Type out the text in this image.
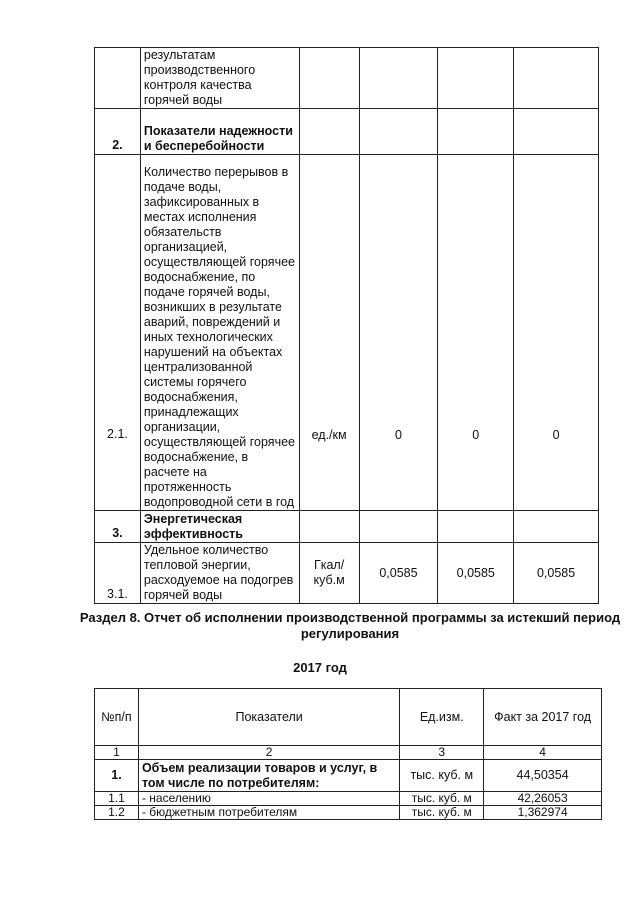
	результатам производственного контроля качества горячей воды				
2.	Показатели надежности и бесперебойности				
2.1.	Количество перерывов в подаче воды, зафиксированных в местах исполнения обязательств организацией, осуществляющей горячее водоснабжение, по подаче горячей воды, возникших в результате аварий, повреждений и иных технологических нарушений на объектах централизованной системы горячего водоснабжения, принадлежащих организации, осуществляющей горячее водоснабжение, в расчете на протяженность водопроводной сети в год	ед./км	0	0	0
3.	Энергетическая эффективность				
3.1.	Удельное количество тепловой энергии, расходуемое на подогрев горячей воды	Гкал/куб.м	0,0585	0,0585	0,0585
Раздел 8. Отчет об исполнении производственной программы за истекший период регулирования
2017 год
№п/п	Показатели	Ед.изм.	Факт за 2017 год
1	2	3	4
1.	Объем реализации товаров и услуг, в том числе по потребителям:	тыс. куб. м	44,50354
1.1	- населению	тыс. куб. м	42,26053
1.2	- бюджетным потребителям	тыс. куб. м	1,362974
